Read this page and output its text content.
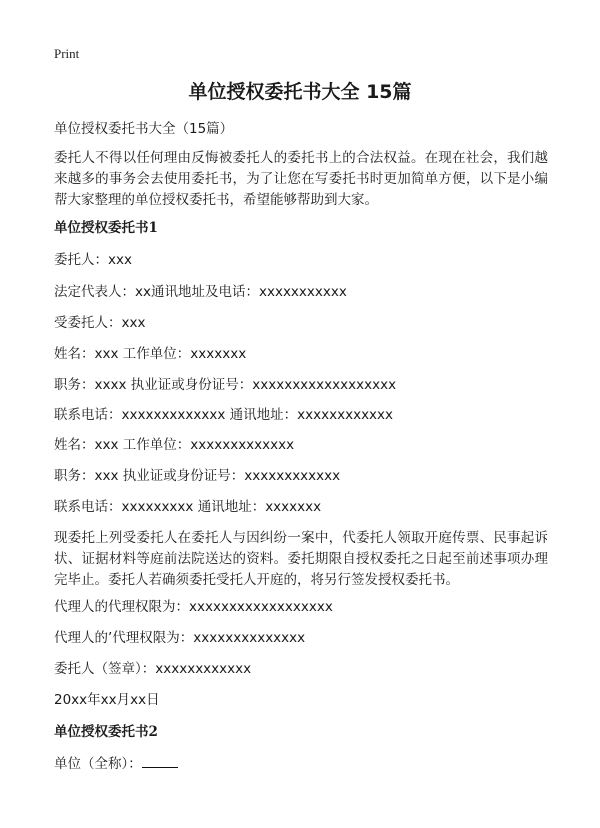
Print
单位授权委托书大全 15篇

单位授权委托书大全（15篇）

委托人不得以任何理由反悔被委托人的委托书上的合法权益。在现在社会，我们越来越多的事务会去使用委托书，为了让您在写委托书时更加简单方便，以下是小编帮大家整理的单位授权委托书，希望能够帮助到大家。

单位授权委托书1

委托人：xxx

法定代表人：xx通讯地址及电话：xxxxxxxxxxx

受委托人：xxx

姓名：xxx 工作单位：xxxxxxx

职务：xxxx 执业证或身份证号：xxxxxxxxxxxxxxxxxx

联系电话：xxxxxxxxxxxxx 通讯地址：xxxxxxxxxxxx

姓名：xxx 工作单位：xxxxxxxxxxxxx

职务：xxx 执业证或身份证号：xxxxxxxxxxxx

联系电话：xxxxxxxxx 通讯地址：xxxxxxx

现委托上列受委托人在委托人与因纠纷一案中，代委托人领取开庭传票、民事起诉状、证据材料等庭前法院送达的资料。委托期限自授权委托之日起至前述事项办理完毕止。委托人若确须委托受托人开庭的，将另行签发授权委托书。

代理人的代理权限为：xxxxxxxxxxxxxxxxxx

代理人的’代理权限为：xxxxxxxxxxxxxx

委托人（签章）：xxxxxxxxxxxx

20xx年xx月xx日

单位授权委托书2

单位（全称）：
